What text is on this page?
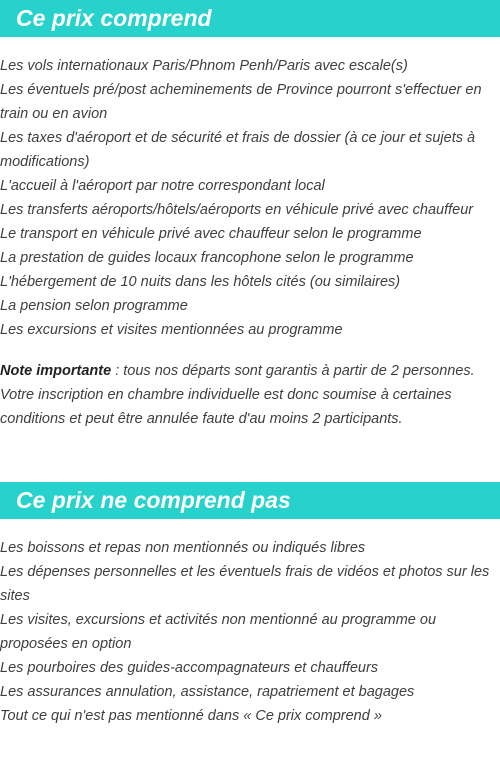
Ce prix comprend
Les vols internationaux Paris/Phnom Penh/Paris avec escale(s)
Les éventuels pré/post acheminements de Province pourront s'effectuer en train ou en avion
Les taxes d'aéroport et de sécurité et frais de dossier (à ce jour et sujets à modifications)
L'accueil à l'aéroport par notre correspondant local
Les transferts aéroports/hôtels/aéroports en véhicule privé avec chauffeur
Le transport en véhicule privé avec chauffeur selon le programme
La prestation de guides locaux francophone selon le programme
L'hébergement de 10 nuits dans les hôtels cités (ou similaires)
La pension selon programme
Les excursions et visites mentionnées au programme

Note importante : tous nos départs sont garantis à partir de 2 personnes. Votre inscription en chambre individuelle est donc soumise à certaines conditions et peut être annulée faute d'au moins 2 participants.

Ce prix ne comprend pas
Les boissons et repas non mentionnés ou indiqués libres
Les dépenses personnelles et les éventuels frais de vidéos et photos sur les sites
Les visites, excursions et activités non mentionné au programme ou proposées en option
Les pourboires des guides-accompagnateurs et chauffeurs
Les assurances annulation, assistance, rapatriement et bagages
Tout ce qui n'est pas mentionné dans « Ce prix comprend »
